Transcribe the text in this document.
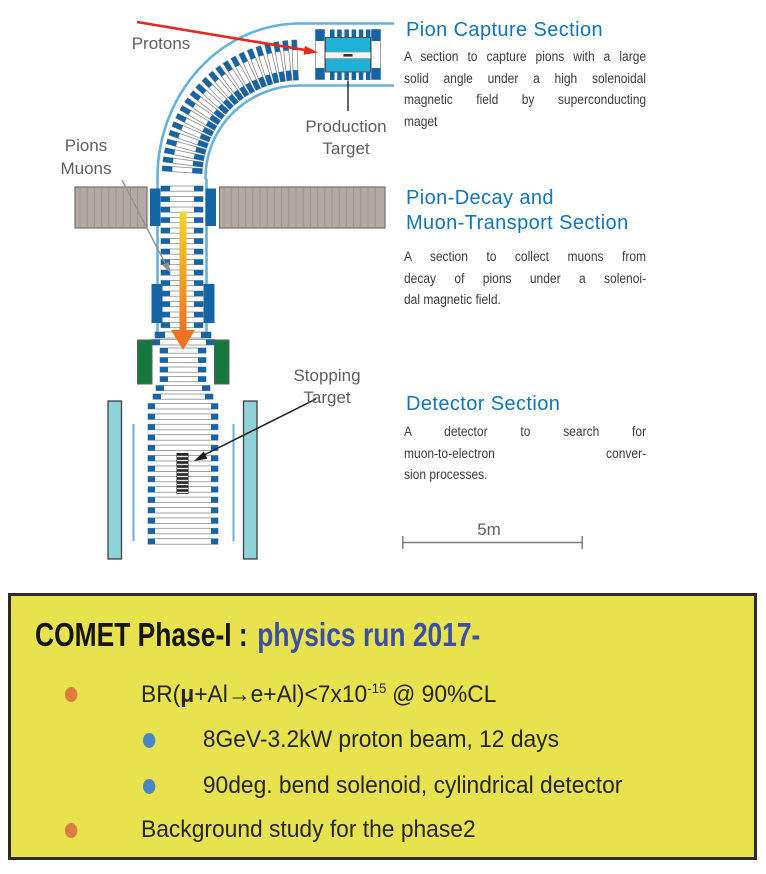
5m
Protons
Pions
Muons
Production
Target
Stopping
Target
Pion Capture Section
A section to capture pions with a large
solid angle under a high solenoidal
magnetic field by superconducting
maget
Pion-Decay and
Muon-Transport Section
A section to collect muons from
decay of pions under a solenoi-
dal magnetic field.
Detector Section
A detector to search for
muon-to-electron conver-
sion processes.
COMET Phase-I : physics run 2017-
$BR(\mu+Al\to e+Al)<7x10^{-15}$ @ 90%CL
8GeV-3.2kW proton beam, 12 days
90deg. bend solenoid, cylindrical detector
Background study for the phase2
